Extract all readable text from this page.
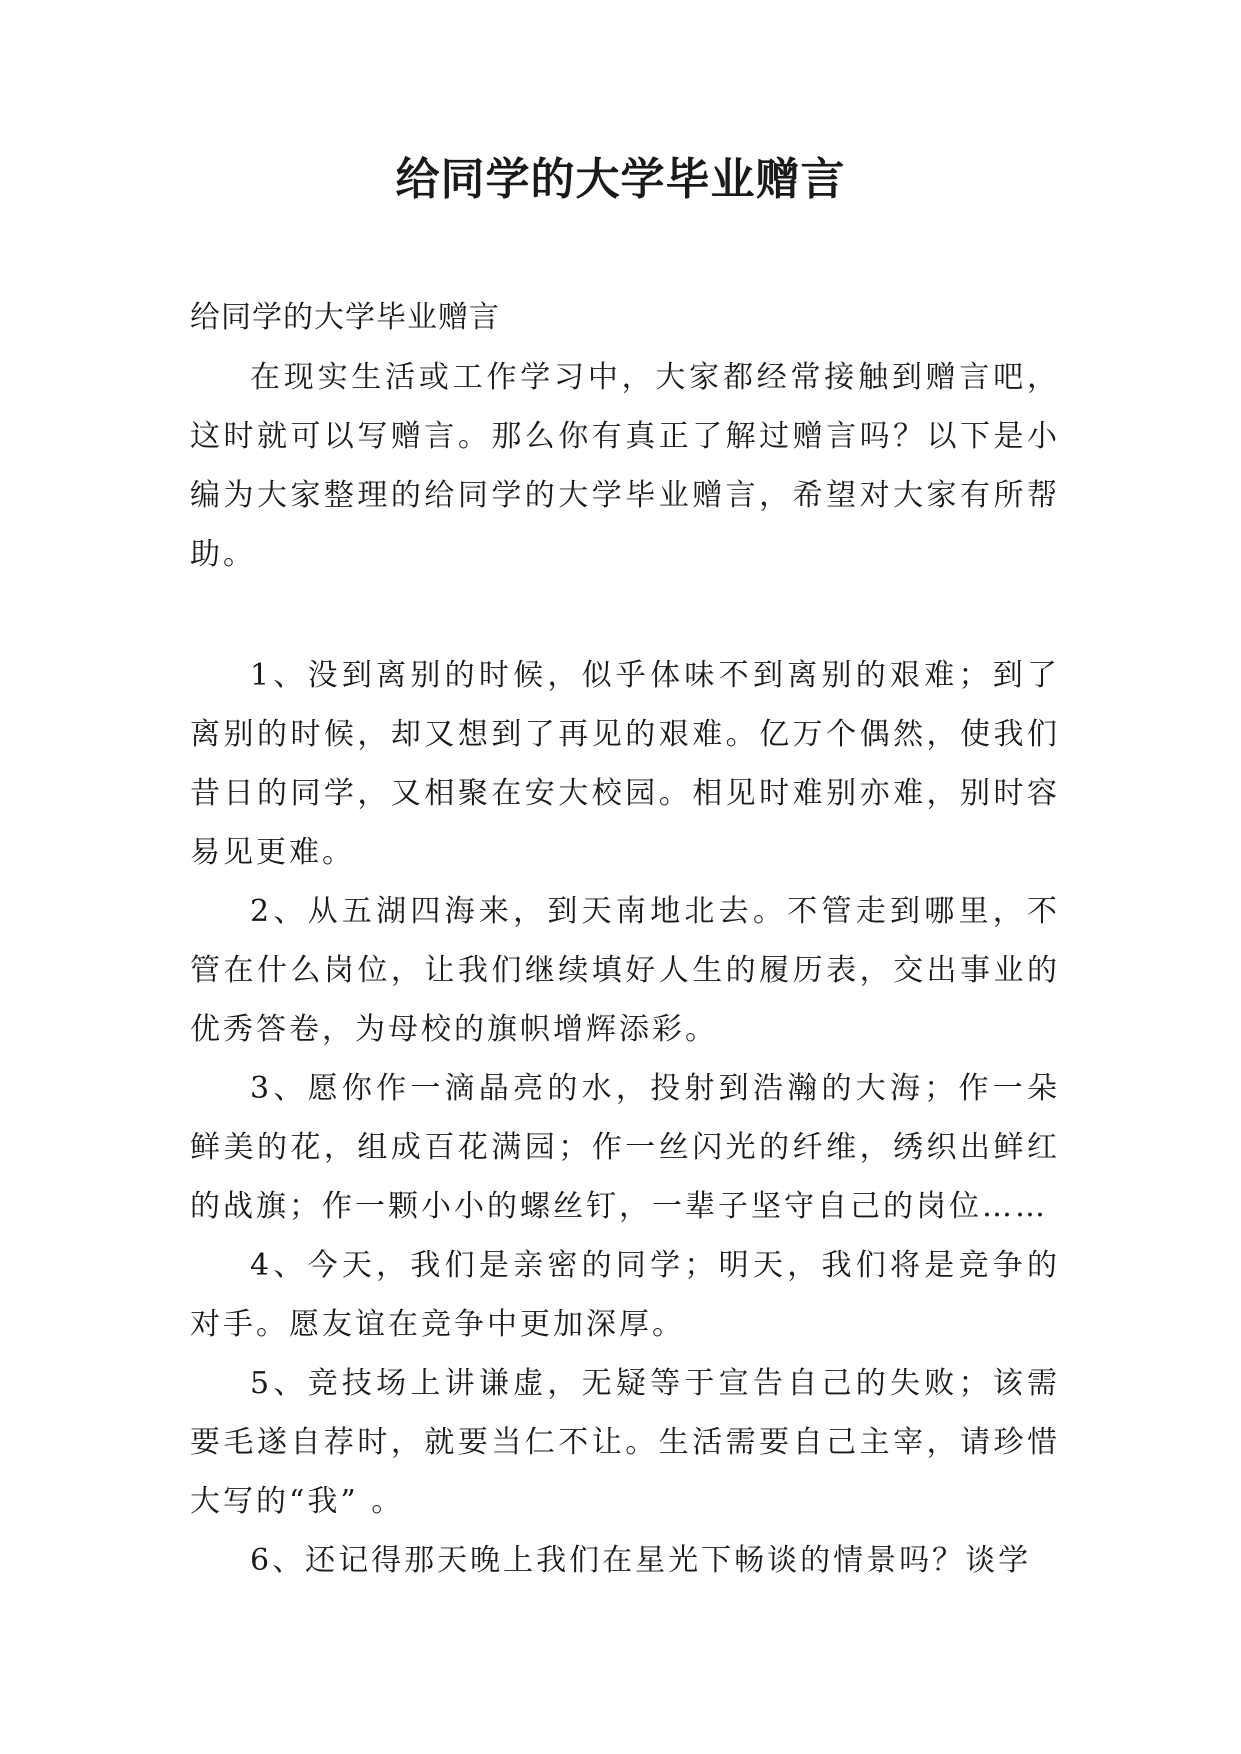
给同学的大学毕业赠言

给同学的大学毕业赠言

在现实生活或工作学习中，大家都经常接触到赠言吧，这时就可以写赠言。那么你有真正了解过赠言吗？以下是小编为大家整理的给同学的大学毕业赠言，希望对大家有所帮助。

1、没到离别的时候，似乎体味不到离别的艰难；到了离别的时候，却又想到了再见的艰难。亿万个偶然，使我们昔日的同学，又相聚在安大校园。相见时难别亦难，别时容易见更难。

2、从五湖四海来，到天南地北去。不管走到哪里，不管在什么岗位，让我们继续填好人生的履历表，交出事业的优秀答卷，为母校的旗帜增辉添彩。

3、愿你作一滴晶亮的水，投射到浩瀚的大海；作一朵鲜美的花，组成百花满园；作一丝闪光的纤维，绣织出鲜红的战旗；作一颗小小的螺丝钉，一辈子坚守自己的岗位……

4、今天，我们是亲密的同学；明天，我们将是竞争的对手。愿友谊在竞争中更加深厚。

5、竞技场上讲谦虚，无疑等于宣告自己的失败；该需要毛遂自荐时，就要当仁不让。生活需要自己主宰，请珍惜大写的“我” 。

6、还记得那天晚上我们在星光下畅谈的情景吗？谈学
